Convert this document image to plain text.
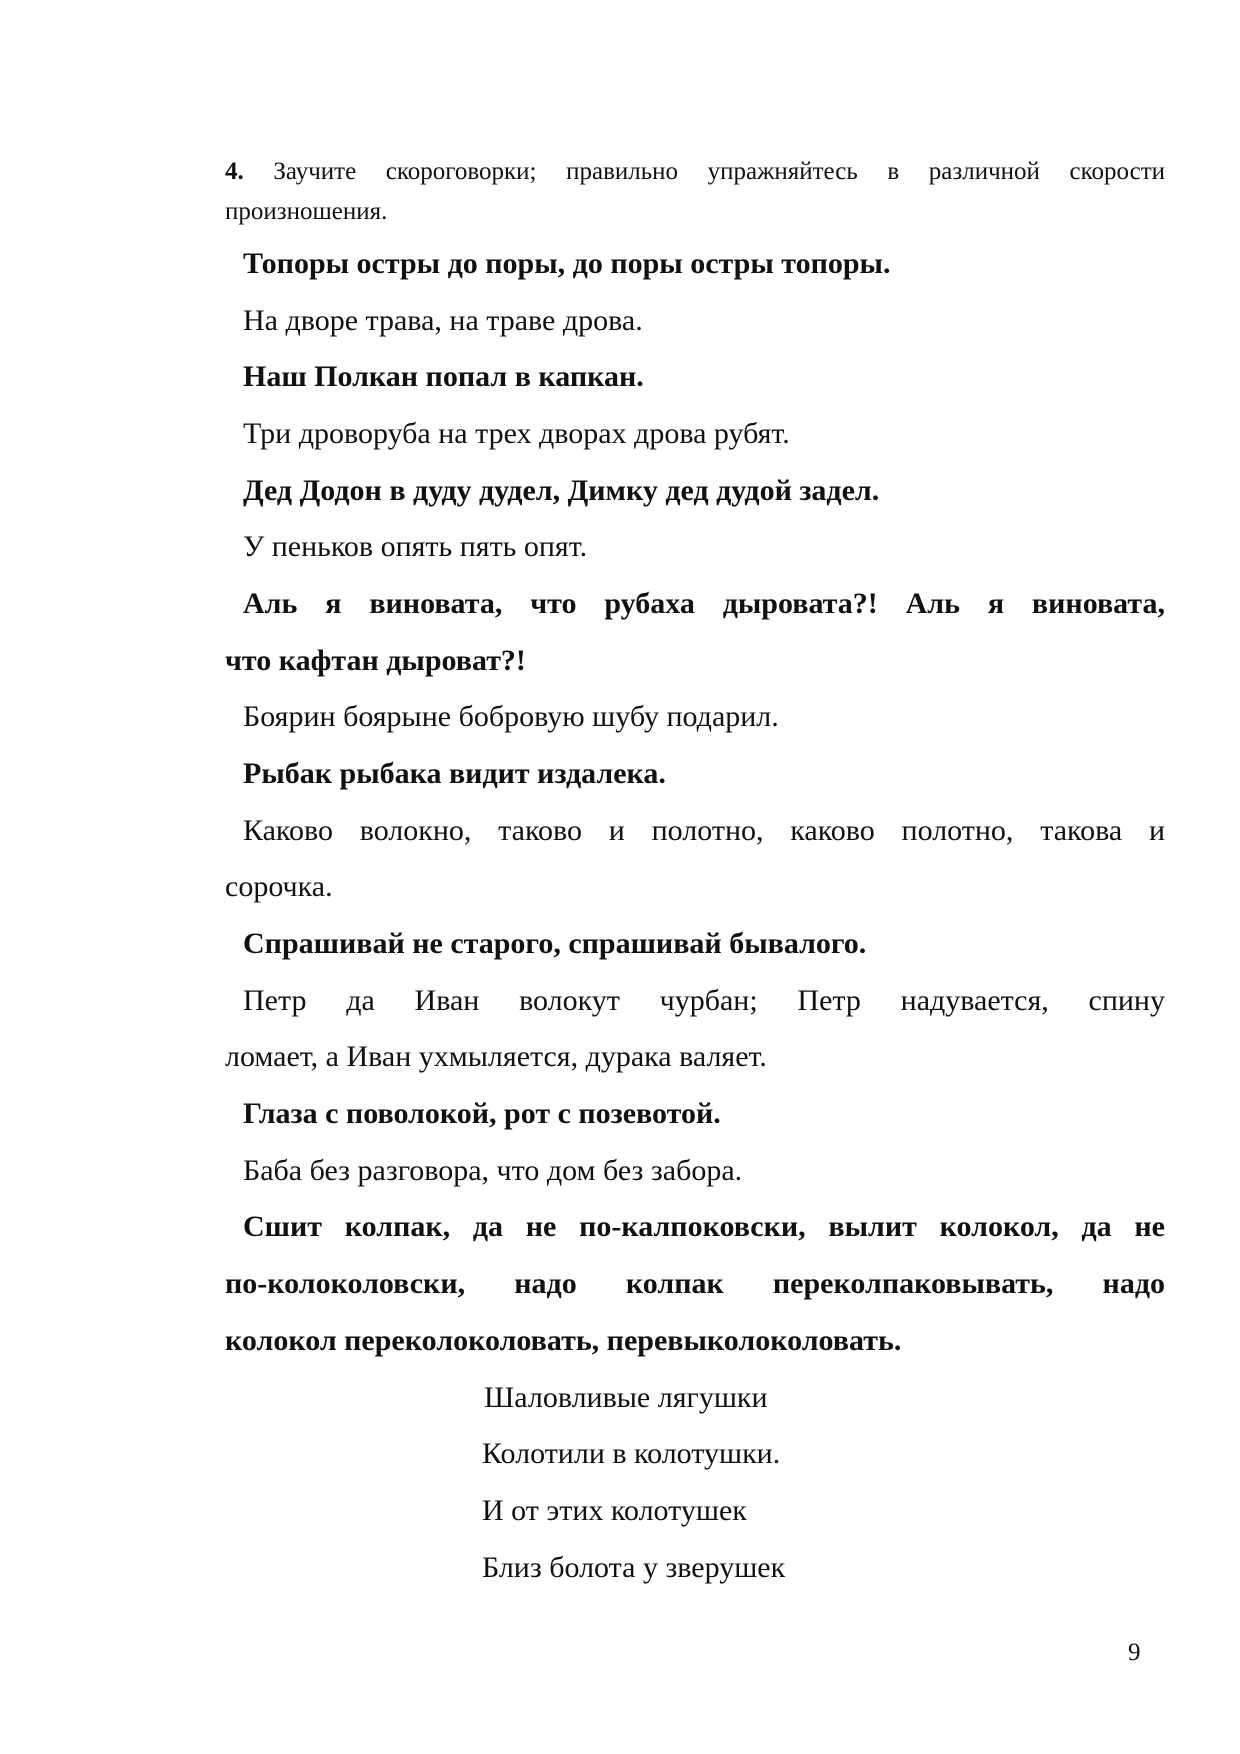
4. Заучите скороговорки; правильно упражняйтесь в различной скорости произношения.
Топоры остры до поры, до поры остры топоры.
На дворе трава, на траве дрова.
Наш Полкан попал в капкан.
Три дроворуба на трех дворах дрова рубят.
Дед Додон в дуду дудел, Димку дед дудой задел.
У пеньков опять пять опят.
Аль я виновата, что рубаха дыровата?! Аль я виновата,
что кафтан дыроват?!
Боярин боярыне бобровую шубу подарил.
Рыбак рыбака видит издалека.
Каково волокно, таково и полотно, каково полотно, такова и
сорочка.
Спрашивай не старого, спрашивай бывалого.
Петр да Иван волокут чурбан; Петр надувается, спину
ломает, а Иван ухмыляется, дурака валяет.
Глаза с поволокой, рот с позевотой.
Баба без разговора, что дом без забора.
Сшит колпак, да не по-калпоковски, вылит колокол, да не
по-колоколовски, надо колпак переколпаковывать, надо
колокол переколоколовать, перевыколоколовать.
Шаловливые лягушки
Колотили в колотушки.
И от этих колотушек
Близ болота у зверушек
9
